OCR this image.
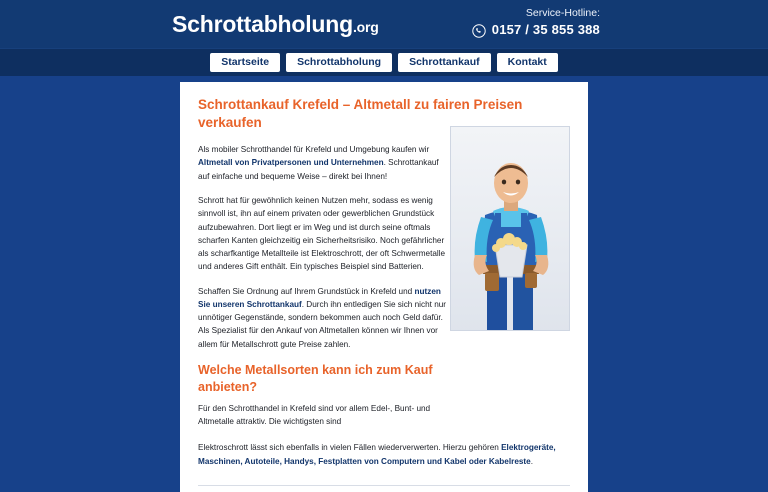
Schrottabholung.org
Service-Hotline:
0157 / 35 855 388
Startseite	Schrottabholung	Schrottankauf	Kontakt
Schrottankauf Krefeld – Altmetall zu fairen Preisen verkaufen

Als mobiler Schrotthandel für Krefeld und Umgebung kaufen wir Altmetall von Privatpersonen und Unternehmen. Schrottankauf auf einfache und bequeme Weise – direkt bei Ihnen!

Schrott hat für gewöhnlich keinen Nutzen mehr, sodass es wenig sinnvoll ist, ihn auf einem privaten oder gewerblichen Grundstück aufzubewahren. Dort liegt er im Weg und ist durch seine oftmals scharfen Kanten gleichzeitig ein Sicherheitsrisiko. Noch gefährlicher als scharfkantige Metallteile ist Elektroschrott, der oft Schwermetalle und anderes Gift enthält. Ein typisches Beispiel sind Batterien.

Schaffen Sie Ordnung auf Ihrem Grundstück in Krefeld und nutzen Sie unseren Schrottankauf. Durch ihn entledigen Sie sich nicht nur unnötiger Gegenstände, sondern bekommen auch noch Geld dafür. Als Spezialist für den Ankauf von Altmetallen können wir Ihnen vor allem für Metallschrott gute Preise zahlen.

Welche Metallsorten kann ich zum Kauf anbieten?

Für den Schrotthandel in Krefeld sind vor allem Edel-, Bunt- und Altmetalle attraktiv. Die wichtigsten sind

Elektroschrott lässt sich ebenfalls in vielen Fällen wiederverwerten. Hierzu gehören Elektrogeräte, Maschinen, Autoteile, Handys, Festplatten von Computern und Kabel oder Kabelreste.
